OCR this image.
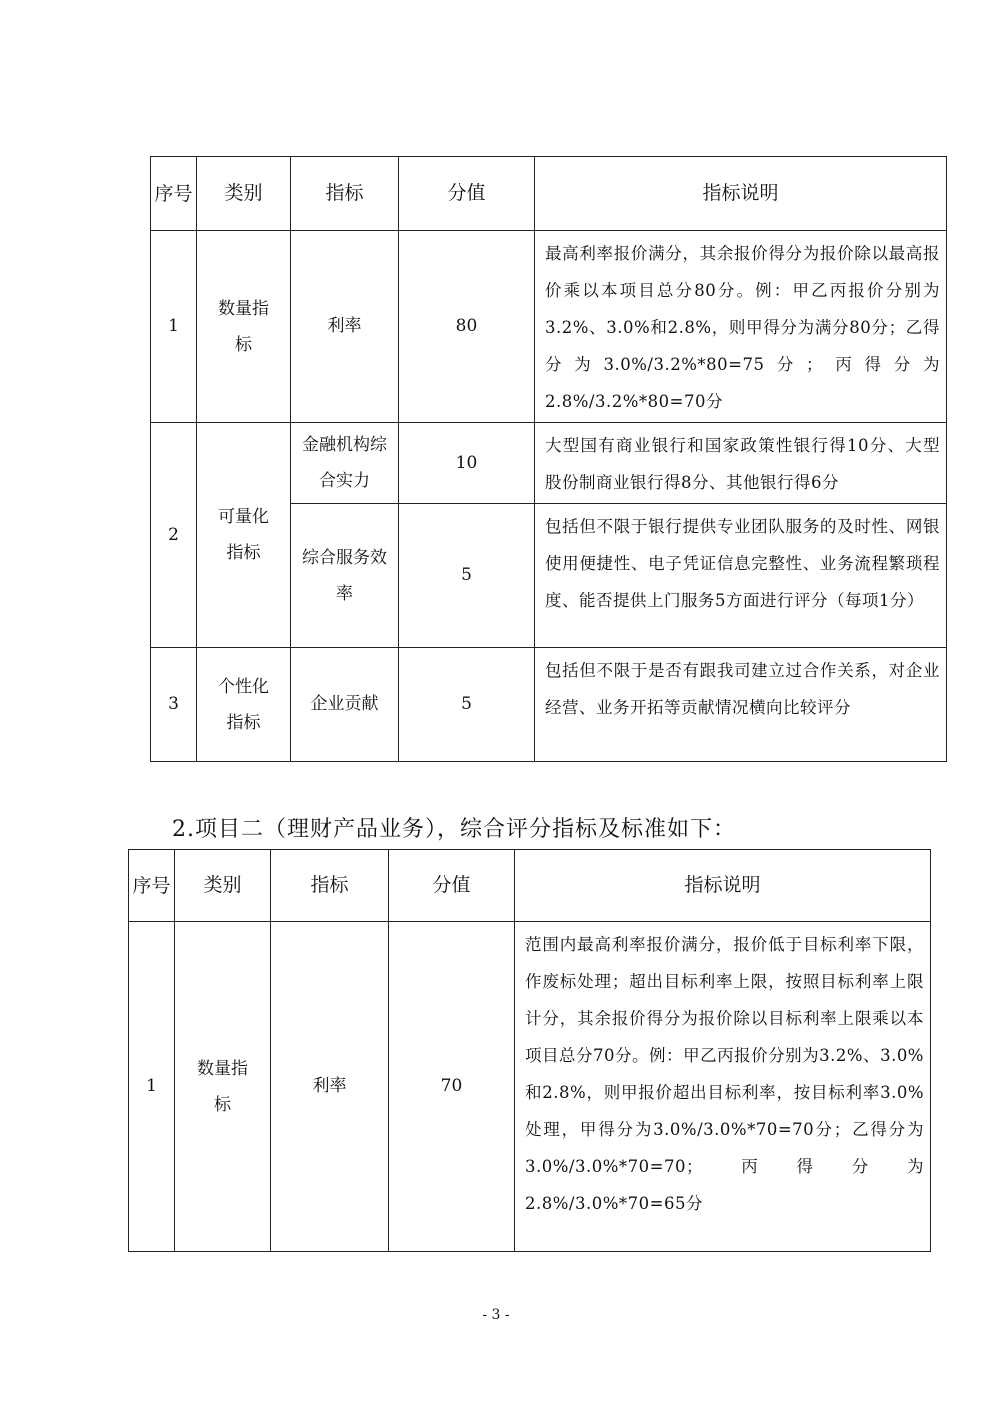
序号	类别	指标	分值	指标说明
1	数量指标	利率	80	最高利率报价满分，其余报价得分为报价除以最高报价乘以本项目总分80分。例：甲乙丙报价分别为3.2%、3.0%和2.8%，则甲得分为满分80分；乙得分为3.0%/3.2%*80=75分；丙得分为2.8%/3.2%*80=70分
2	可量化指标	金融机构综合实力	10	大型国有商业银行和国家政策性银行得10分、大型股份制商业银行得8分、其他银行得6分
		综合服务效率	5	包括但不限于银行提供专业团队服务的及时性、网银使用便捷性、电子凭证信息完整性、业务流程繁琐程度、能否提供上门服务5方面进行评分（每项1分）
3	个性化指标	企业贡献	5	包括但不限于是否有跟我司建立过合作关系，对企业经营、业务开拓等贡献情况横向比较评分
2.项目二（理财产品业务），综合评分指标及标准如下：
序号	类别	指标	分值	指标说明
1	数量指标	利率	70	范围内最高利率报价满分，报价低于目标利率下限，作废标处理；超出目标利率上限，按照目标利率上限计分，其余报价得分为报价除以目标利率上限乘以本项目总分70分。例：甲乙丙报价分别为3.2%、3.0%和2.8%，则甲报价超出目标利率，按目标利率3.0%处理，甲得分为3.0%/3.0%*70=70分；乙得分为3.0%/3.0%*70=70；丙得分为2.8%/3.0%*70=65分
- 3 -
